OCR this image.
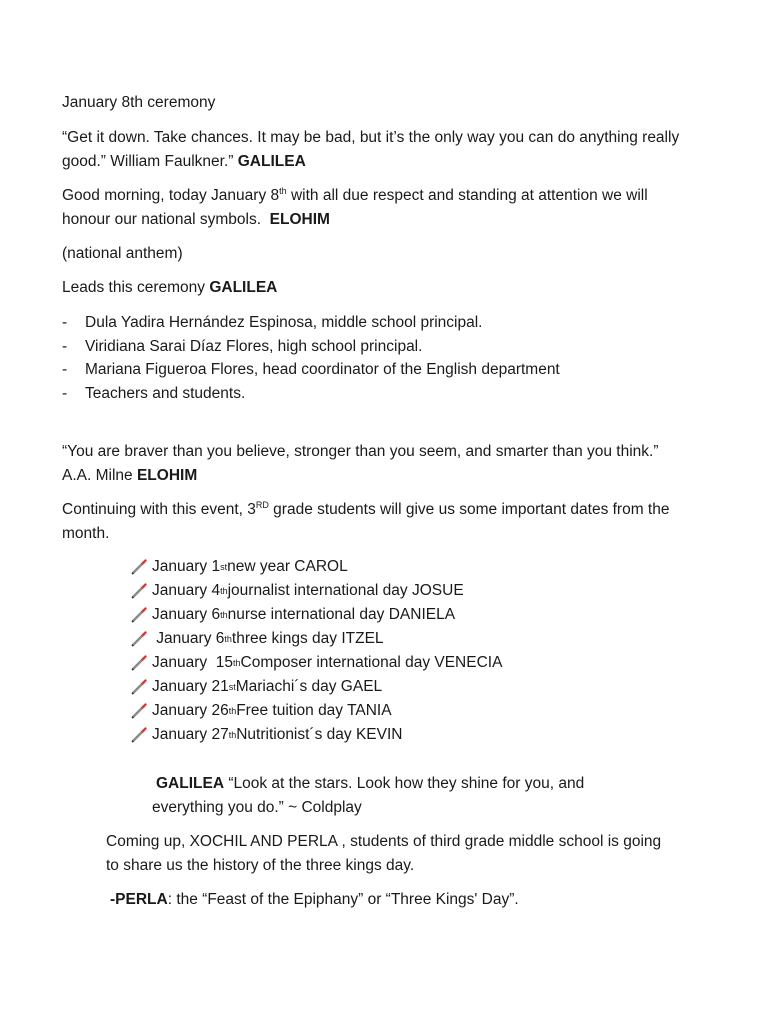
January 8th ceremony

“Get it down. Take chances. It may be bad, but it’s the only way you can do anything really good.” William Faulkner.” GALILEA

Good morning, today January 8th with all due respect and standing at attention we will honour our national symbols. ELOHIM

(national anthem)

Leads this ceremony GALILEA

- Dula Yadira Hernández Espinosa, middle school principal.
- Viridiana Sarai Díaz Flores, high school principal.
- Mariana Figueroa Flores, head coordinator of the English department
- Teachers and students.

“You are braver than you believe, stronger than you seem, and smarter than you think.” A.A. Milne ELOHIM

Continuing with this event, 3RD grade students will give us some important dates from the month.

January 1 st new year CAROL
January 4 th journalist international day JOSUE
January 6 th nurse international day DANIELA
January 6 th three kings day ITZEL
January  15 th Composer international day VENECIA
January 21 st Mariachi´s day GAEL
January 26 th Free tuition day TANIA
January 27 th Nutritionist´s day KEVIN

GALILEA “Look at the stars. Look how they shine for you, and everything you do.” ~ Coldplay

Coming up, XOCHIL AND PERLA , students of third grade middle school is going to share us the history of the three kings day.

-PERLA: the “Feast of the Epiphany” or “Three Kings' Day”.
